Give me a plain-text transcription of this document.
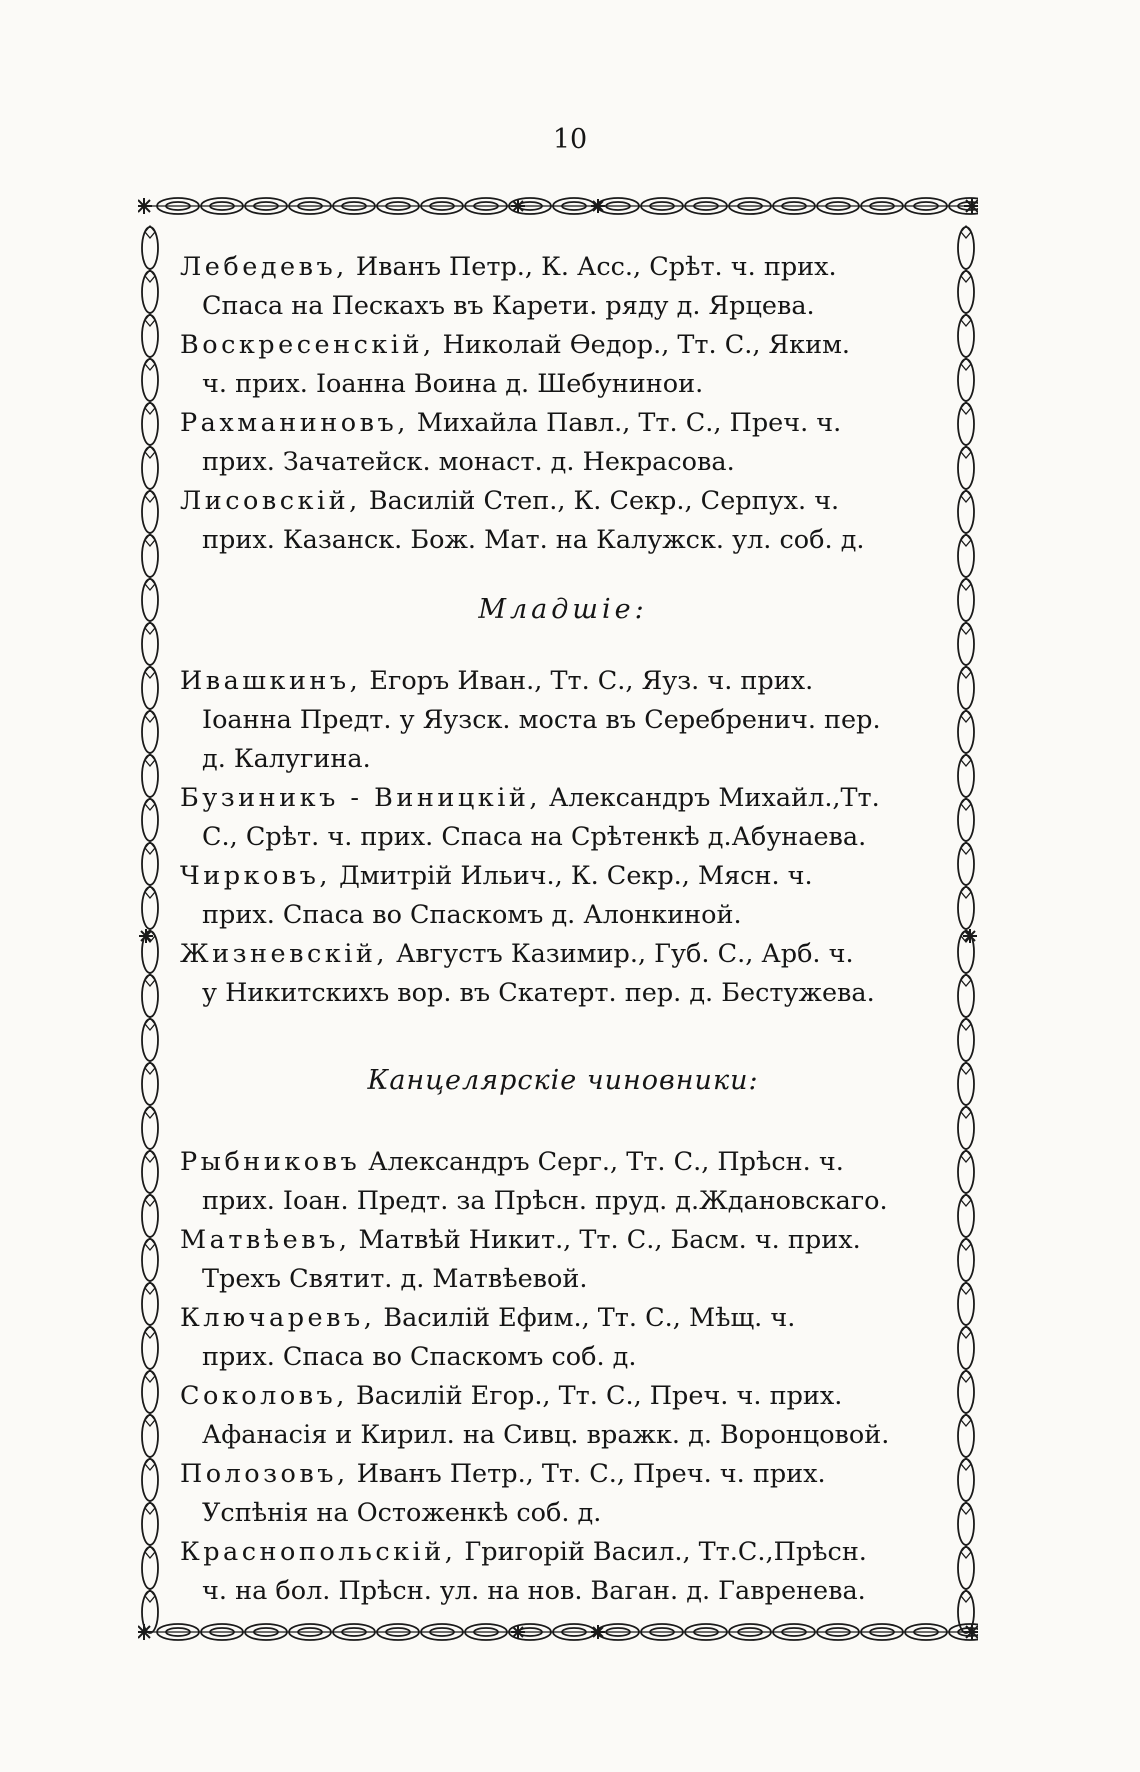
10
Лебедевъ, Иванъ Петр., К. Асс., Срѣт. ч. прих.
Спаса на Пескахъ въ Карети. ряду д. Ярцева.
Воскресенскій, Николай Ѳедор., Тт. С., Яким.
ч. прих. Іоанна Воина д. Шебунинои.
Рахманиновъ, Михайла Павл., Тт. С., Преч. ч.
прих. Зачатейск. монаст. д. Некрасова.
Лисовскій, Василій Степ., К. Секр., Серпух. ч.
прих. Казанск. Бож. Мат. на Калужск. ул. соб. д.
Младшіе:
Ивашкинъ, Егоръ Иван., Тт. С., Яуз. ч. прих.
Іоанна Предт. у Яузск. моста въ Серебренич. пер.
д. Калугина.
Бузиникъ - Виницкій, Александръ Михайл.,Тт.
С., Срѣт. ч. прих. Спаса на Срѣтенкѣ д.Абунаева.
Чирковъ, Дмитрій Ильич., К. Секр., Мясн. ч.
прих. Спаса во Спаскомъ д. Алонкиной.
Жизневскій, Августъ Казимир., Губ. С., Арб. ч.
у Никитскихъ вор. въ Скатерт. пер. д. Бестужева.
Канцелярскіе чиновники:
Рыбниковъ Александръ Серг., Тт. С., Прѣсн. ч.
прих. Іоан. Предт. за Прѣсн. пруд. д.Ждановскаго.
Матвѣевъ, Матвѣй Никит., Тт. С., Басм. ч. прих.
Трехъ Святит. д. Матвѣевой.
Ключаревъ, Василій Ефим., Тт. С., Мѣщ. ч.
прих. Спаса во Спаскомъ соб. д.
Соколовъ, Василій Егор., Тт. С., Преч. ч. прих.
Афанасія и Кирил. на Сивц. вражк. д. Воронцовой.
Полозовъ, Иванъ Петр., Тт. С., Преч. ч. прих.
Успѣнія на Остоженкѣ соб. д.
Краснопольскій, Григорій Васил., Тт.С.,Прѣсн.
ч. на бол. Прѣсн. ул. на нов. Ваган. д. Гавренева.
